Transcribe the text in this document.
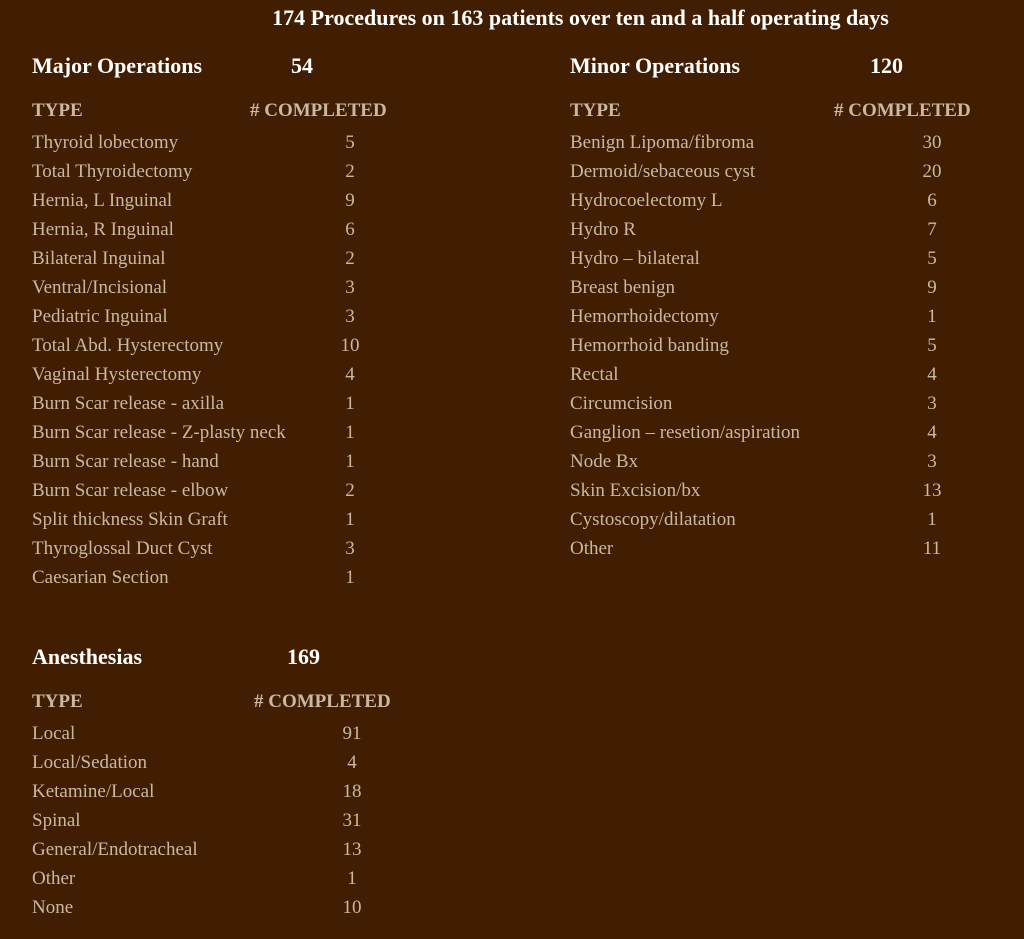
174 Procedures on 163 patients over ten and a half operating days
Major Operations	54
TYPE	# COMPLETED
Thyroid lobectomy	5
Total Thyroidectomy	2
Hernia, L Inguinal	9
Hernia, R Inguinal	6
Bilateral Inguinal	2
Ventral/Incisional	3
Pediatric Inguinal	3
Total Abd. Hysterectomy	10
Vaginal Hysterectomy	4
Burn Scar release - axilla	1
Burn Scar release - Z-plasty neck	1
Burn Scar release - hand	1
Burn Scar release - elbow	2
Split thickness Skin Graft	1
Thyroglossal Duct Cyst	3
Caesarian Section	1
Minor Operations	120
TYPE	# COMPLETED
Benign Lipoma/fibroma	30
Dermoid/sebaceous cyst	20
Hydrocoelectomy L	6
Hydro R	7
Hydro – bilateral	5
Breast benign	9
Hemorrhoidectomy	1
Hemorrhoid banding	5
Rectal	4
Circumcision	3
Ganglion – resetion/aspiration	4
Node Bx	3
Skin Excision/bx	13
Cystoscopy/dilatation	1
Other	11
Anesthesias	169
TYPE	# COMPLETED
Local	91
Local/Sedation	4
Ketamine/Local	18
Spinal	31
General/Endotracheal	13
Other	1
None	10
